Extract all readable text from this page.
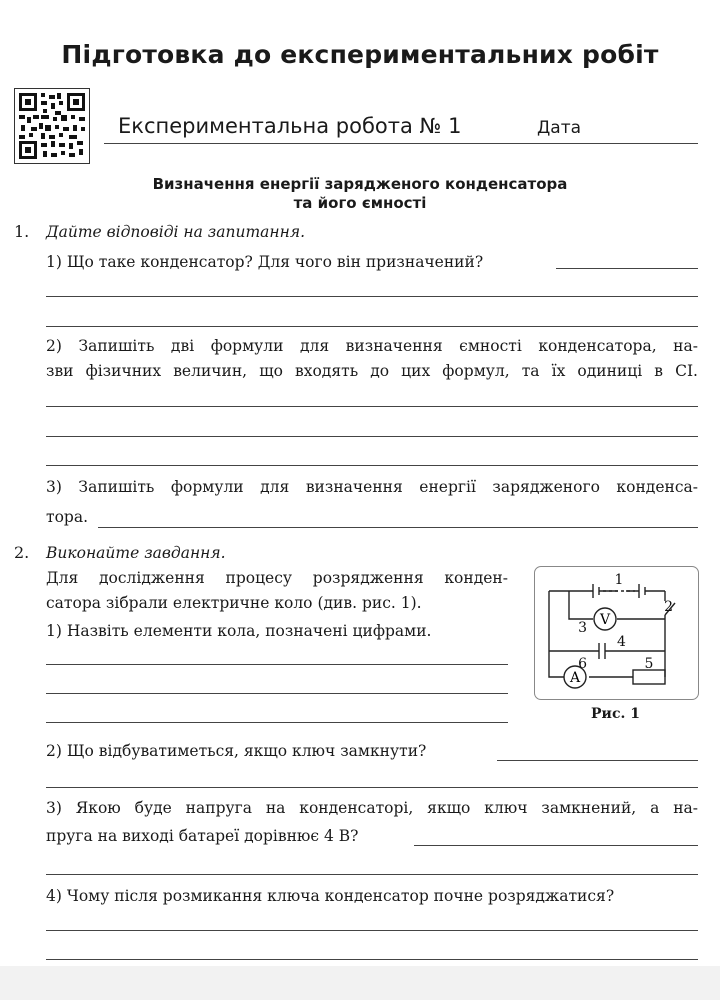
Підготовка до експериментальних робіт
Експериментальна робота № 1	Дата
Визначення енергії зарядженого конденсатора
та його ємності
1. Дайте відповіді на запитання.
1) Що таке конденсатор? Для чого він призначений?
2) Запишіть дві формули для визначення ємності конденсатора, на-
зви фізичних величин, що входять до цих формул, та їх одиниці в СІ.
3) Запишіть формули для визначення енергії зарядженого конденса-
тора.
2. Виконайте завдання.
Для дослідження процесу розрядження конден-
сатора зібрали електричне коло (див. рис. 1).
1) Назвіть елементи кола, позначені цифрами.
V
A
1
2
3
4
6	5
Рис. 1
2) Що відбуватиметься, якщо ключ замкнути?
3) Якою буде напруга на конденсаторі, якщо ключ замкнений, а на-
пруга на виході батареї дорівнює 4 В?
4) Чому після розмикання ключа конденсатор почне розряджатися?
